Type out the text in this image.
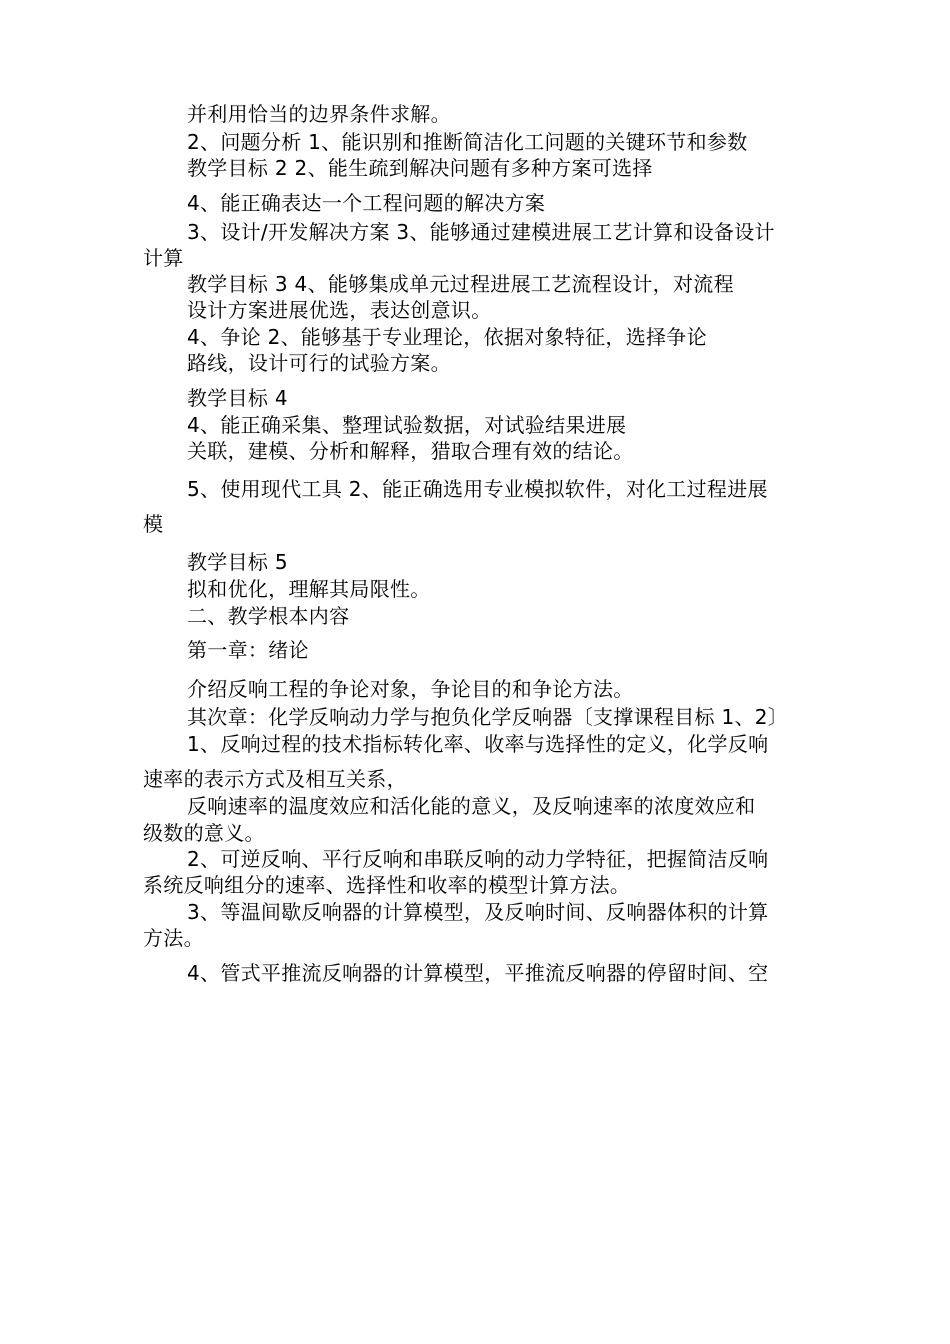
并利用恰当的边界条件求解。
2、问题分析 1、能识别和推断简洁化工问题的关键环节和参数
教学目标 2 2、能生疏到解决问题有多种方案可选择
4、能正确表达一个工程问题的解决方案
3、设计/开发解决方案 3、能够通过建模进展工艺计算和设备设计
计算
教学目标 3 4、能够集成单元过程进展工艺流程设计，对流程
设计方案进展优选，表达创意识。
4、争论 2、能够基于专业理论，依据对象特征，选择争论
路线，设计可行的试验方案。
教学目标 4
4、能正确采集、整理试验数据，对试验结果进展
关联，建模、分析和解释，猎取合理有效的结论。
5、使用现代工具 2、能正确选用专业模拟软件，对化工过程进展
模
教学目标 5
拟和优化，理解其局限性。
二、教学根本内容
第一章：绪论
介绍反响工程的争论对象，争论目的和争论方法。
其次章：化学反响动力学与抱负化学反响器〔支撑课程目标 1、2〕
1、反响过程的技术指标转化率、收率与选择性的定义，化学反响
速率的表示方式及相互关系，
反响速率的温度效应和活化能的意义，及反响速率的浓度效应和
级数的意义。
2、可逆反响、平行反响和串联反响的动力学特征，把握简洁反响
系统反响组分的速率、选择性和收率的模型计算方法。
3、等温间歇反响器的计算模型，及反响时间、反响器体积的计算
方法。
4、管式平推流反响器的计算模型，平推流反响器的停留时间、空
